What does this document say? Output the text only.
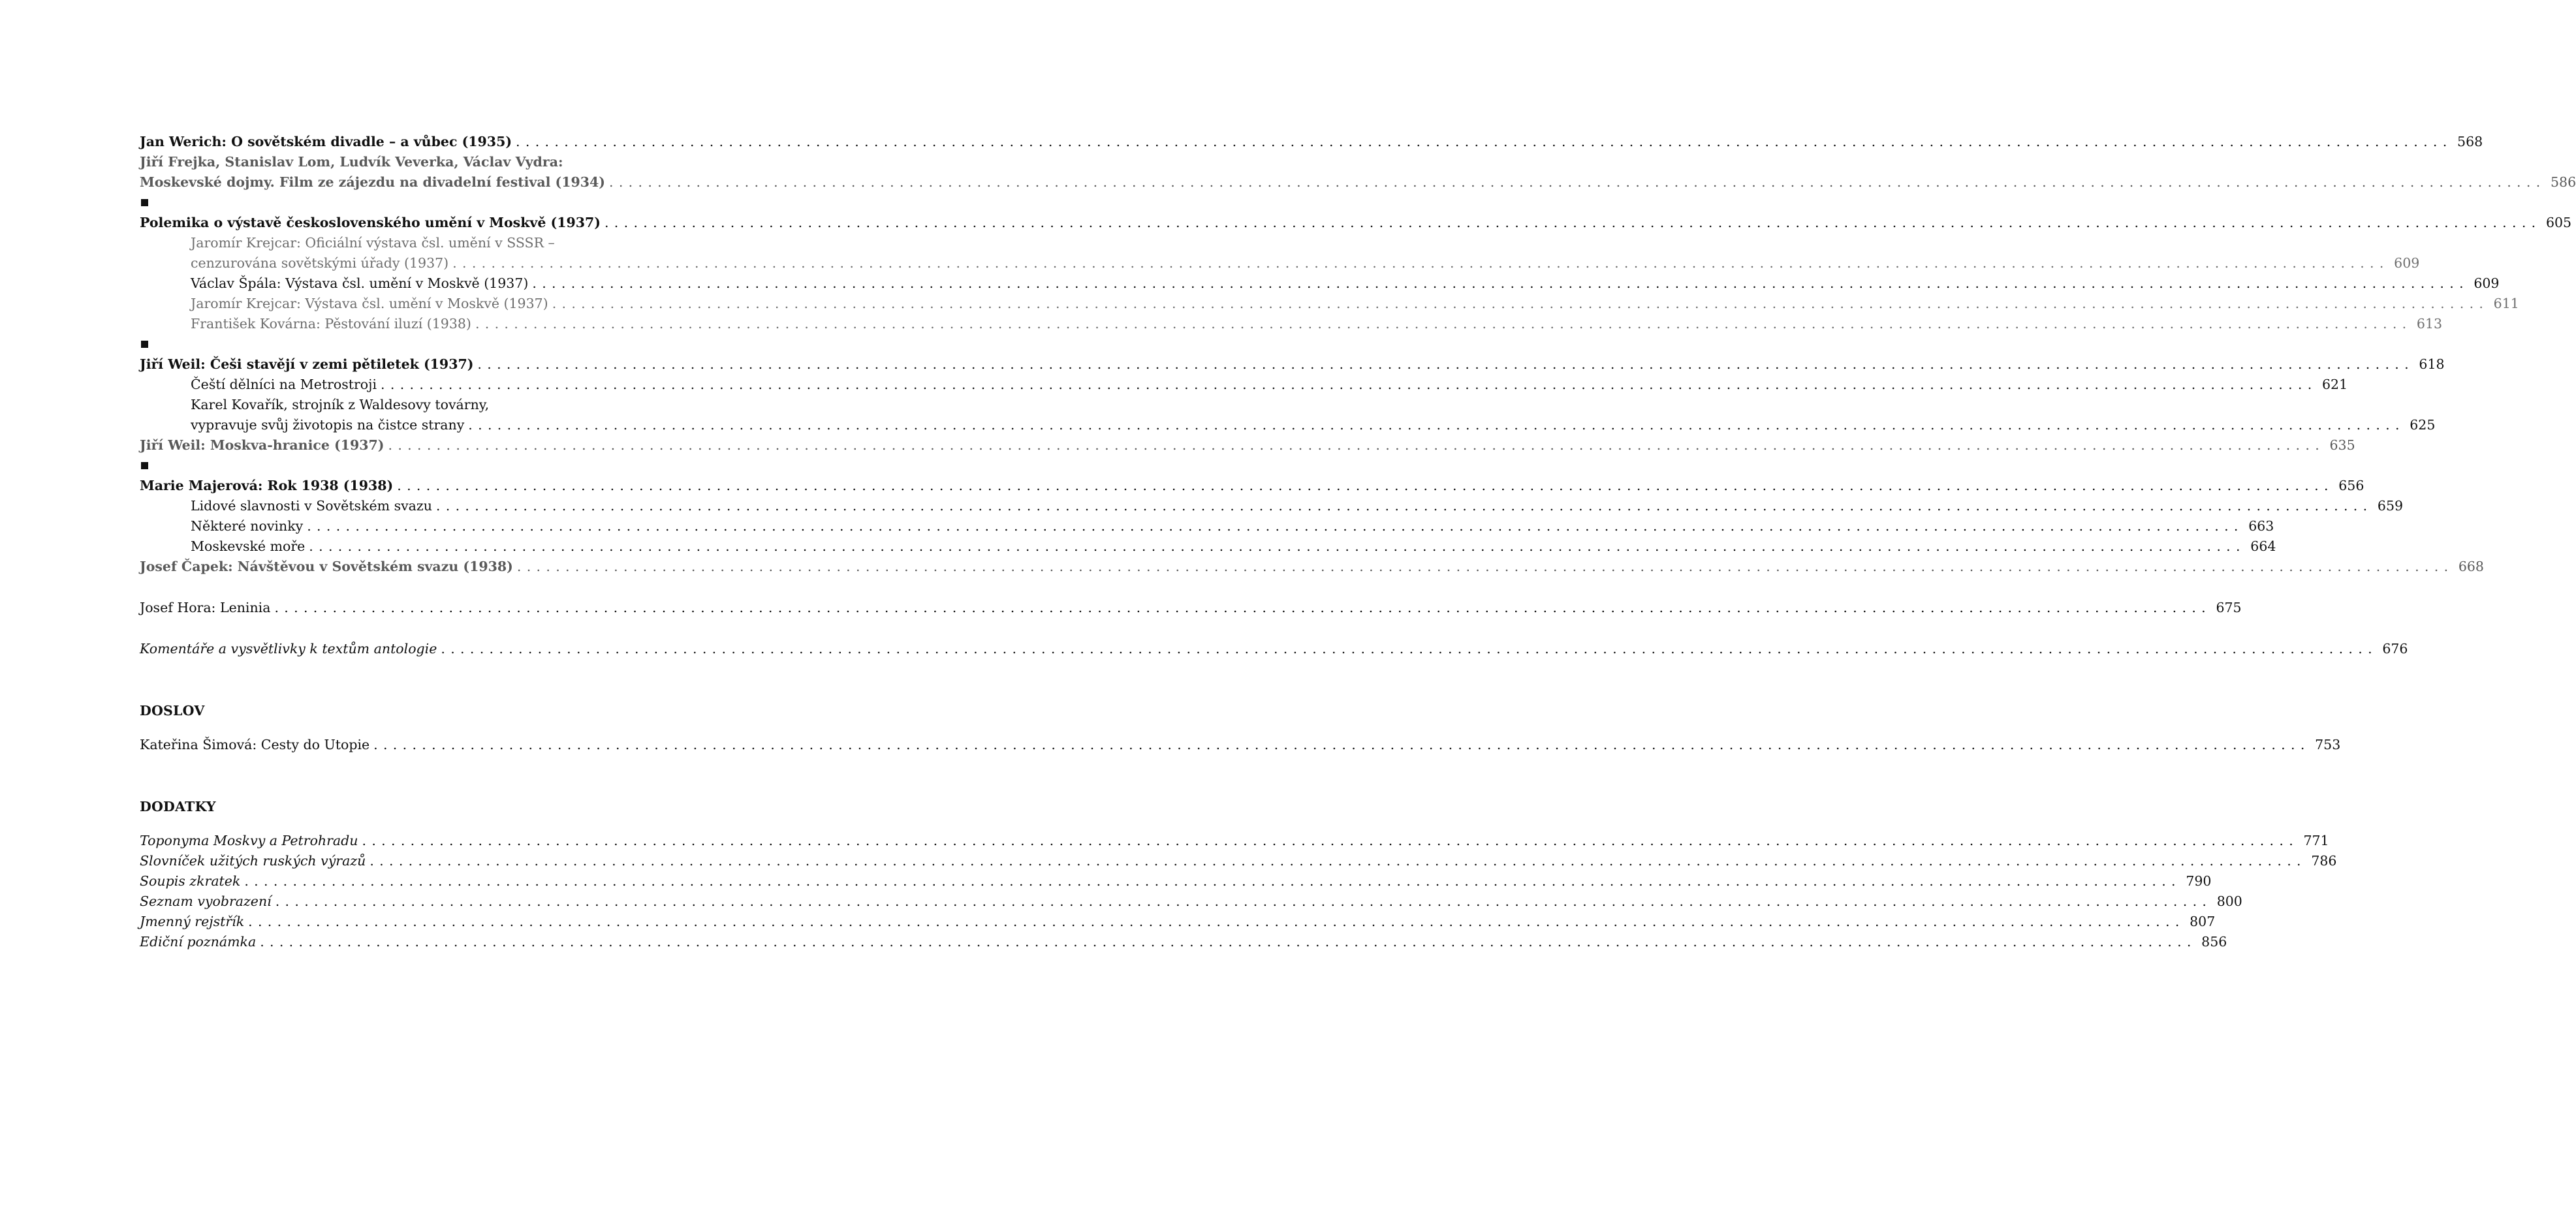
Jan Werich: O sovětském divadle – a vůbec (1935) . . . . . . . . . . . . . . . . . . . . . . . . . . . . . . . . . . . . . . . . . . . . . . . . . . . . . . . . . . . . . . . . . . . . . . . . . . . . . . . . . . . . . . . . . . . . . . . . . . . . . . . . . . . . . . . . . . . . . . . . . . . . . . . . . . . . . . . . . . . . . . . . . . . . . . . . . . . . . . . . . . . . . . . . . . . . . . . . . . . . . . . . . . . . . . . . . . . . . . . . 568
Jiří Frejka, Stanislav Lom, Ludvík Veverka, Václav Vydra:
Moskevské dojmy. Film ze zájezdu na divadelní festival (1934) . . . . . . . . . . . . . . . . . . . . . . . . . . . . . . . . . . . . . . . . . . . . . . . . . . . . . . . . . . . . . . . . . . . . . . . . . . . . . . . . . . . . . . . . . . . . . . . . . . . . . . . . . . . . . . . . . . . . . . . . . . . . . . . . . . . . . . . . . . . . . . . . . . . . . . . . . . . . . . . . . . . . . . . . . . . . . . . . . . . . . . . . . . . . . . . . . . . . . . . . 586
Polemika o výstavě československého umění v Moskvě (1937) . . . . . . . . . . . . . . . . . . . . . . . . . . . . . . . . . . . . . . . . . . . . . . . . . . . . . . . . . . . . . . . . . . . . . . . . . . . . . . . . . . . . . . . . . . . . . . . . . . . . . . . . . . . . . . . . . . . . . . . . . . . . . . . . . . . . . . . . . . . . . . . . . . . . . . . . . . . . . . . . . . . . . . . . . . . . . . . . . . . . . . . . . . . . . . . . . . . . . . . . 605
Jaromír Krejcar: Oficiální výstava čsl. umění v SSSR –
cenzurována sovětskými úřady (1937) . . . . . . . . . . . . . . . . . . . . . . . . . . . . . . . . . . . . . . . . . . . . . . . . . . . . . . . . . . . . . . . . . . . . . . . . . . . . . . . . . . . . . . . . . . . . . . . . . . . . . . . . . . . . . . . . . . . . . . . . . . . . . . . . . . . . . . . . . . . . . . . . . . . . . . . . . . . . . . . . . . . . . . . . . . . . . . . . . . . . . . . . . . . . . . . . . . . . . . . . 609
Václav Špála: Výstava čsl. umění v Moskvě (1937) . . . . . . . . . . . . . . . . . . . . . . . . . . . . . . . . . . . . . . . . . . . . . . . . . . . . . . . . . . . . . . . . . . . . . . . . . . . . . . . . . . . . . . . . . . . . . . . . . . . . . . . . . . . . . . . . . . . . . . . . . . . . . . . . . . . . . . . . . . . . . . . . . . . . . . . . . . . . . . . . . . . . . . . . . . . . . . . . . . . . . . . . . . . . . . . . . . . . . . . . 609
Jaromír Krejcar: Výstava čsl. umění v Moskvě (1937) . . . . . . . . . . . . . . . . . . . . . . . . . . . . . . . . . . . . . . . . . . . . . . . . . . . . . . . . . . . . . . . . . . . . . . . . . . . . . . . . . . . . . . . . . . . . . . . . . . . . . . . . . . . . . . . . . . . . . . . . . . . . . . . . . . . . . . . . . . . . . . . . . . . . . . . . . . . . . . . . . . . . . . . . . . . . . . . . . . . . . . . . . . . . . . . . . . . . . . . . 611
František Kovárna: Pěstování iluzí (1938) . . . . . . . . . . . . . . . . . . . . . . . . . . . . . . . . . . . . . . . . . . . . . . . . . . . . . . . . . . . . . . . . . . . . . . . . . . . . . . . . . . . . . . . . . . . . . . . . . . . . . . . . . . . . . . . . . . . . . . . . . . . . . . . . . . . . . . . . . . . . . . . . . . . . . . . . . . . . . . . . . . . . . . . . . . . . . . . . . . . . . . . . . . . . . . . . . . . . . . . . 613
Jiří Weil: Češi stavějí v zemi pětiletek (1937) . . . . . . . . . . . . . . . . . . . . . . . . . . . . . . . . . . . . . . . . . . . . . . . . . . . . . . . . . . . . . . . . . . . . . . . . . . . . . . . . . . . . . . . . . . . . . . . . . . . . . . . . . . . . . . . . . . . . . . . . . . . . . . . . . . . . . . . . . . . . . . . . . . . . . . . . . . . . . . . . . . . . . . . . . . . . . . . . . . . . . . . . . . . . . . . . . . . . . . . . 618
Čeští dělníci na Metrostroji . . . . . . . . . . . . . . . . . . . . . . . . . . . . . . . . . . . . . . . . . . . . . . . . . . . . . . . . . . . . . . . . . . . . . . . . . . . . . . . . . . . . . . . . . . . . . . . . . . . . . . . . . . . . . . . . . . . . . . . . . . . . . . . . . . . . . . . . . . . . . . . . . . . . . . . . . . . . . . . . . . . . . . . . . . . . . . . . . . . . . . . . . . . . . . . . . . . . . . . . 621
Karel Kovařík, strojník z Waldesovy továrny,
vypravuje svůj životopis na čistce strany . . . . . . . . . . . . . . . . . . . . . . . . . . . . . . . . . . . . . . . . . . . . . . . . . . . . . . . . . . . . . . . . . . . . . . . . . . . . . . . . . . . . . . . . . . . . . . . . . . . . . . . . . . . . . . . . . . . . . . . . . . . . . . . . . . . . . . . . . . . . . . . . . . . . . . . . . . . . . . . . . . . . . . . . . . . . . . . . . . . . . . . . . . . . . . . . . . . . . . . . 625
Jiří Weil: Moskva-hranice (1937) . . . . . . . . . . . . . . . . . . . . . . . . . . . . . . . . . . . . . . . . . . . . . . . . . . . . . . . . . . . . . . . . . . . . . . . . . . . . . . . . . . . . . . . . . . . . . . . . . . . . . . . . . . . . . . . . . . . . . . . . . . . . . . . . . . . . . . . . . . . . . . . . . . . . . . . . . . . . . . . . . . . . . . . . . . . . . . . . . . . . . . . . . . . . . . . . . . . . . . . . 635
Marie Majerová: Rok 1938 (1938) . . . . . . . . . . . . . . . . . . . . . . . . . . . . . . . . . . . . . . . . . . . . . . . . . . . . . . . . . . . . . . . . . . . . . . . . . . . . . . . . . . . . . . . . . . . . . . . . . . . . . . . . . . . . . . . . . . . . . . . . . . . . . . . . . . . . . . . . . . . . . . . . . . . . . . . . . . . . . . . . . . . . . . . . . . . . . . . . . . . . . . . . . . . . . . . . . . . . . . . . 656
Lidové slavnosti v Sovětském svazu . . . . . . . . . . . . . . . . . . . . . . . . . . . . . . . . . . . . . . . . . . . . . . . . . . . . . . . . . . . . . . . . . . . . . . . . . . . . . . . . . . . . . . . . . . . . . . . . . . . . . . . . . . . . . . . . . . . . . . . . . . . . . . . . . . . . . . . . . . . . . . . . . . . . . . . . . . . . . . . . . . . . . . . . . . . . . . . . . . . . . . . . . . . . . . . . . . . . . . . . 659
Některé novinky . . . . . . . . . . . . . . . . . . . . . . . . . . . . . . . . . . . . . . . . . . . . . . . . . . . . . . . . . . . . . . . . . . . . . . . . . . . . . . . . . . . . . . . . . . . . . . . . . . . . . . . . . . . . . . . . . . . . . . . . . . . . . . . . . . . . . . . . . . . . . . . . . . . . . . . . . . . . . . . . . . . . . . . . . . . . . . . . . . . . . . . . . . . . . . . . . . . . . . . . 663
Moskevské moře . . . . . . . . . . . . . . . . . . . . . . . . . . . . . . . . . . . . . . . . . . . . . . . . . . . . . . . . . . . . . . . . . . . . . . . . . . . . . . . . . . . . . . . . . . . . . . . . . . . . . . . . . . . . . . . . . . . . . . . . . . . . . . . . . . . . . . . . . . . . . . . . . . . . . . . . . . . . . . . . . . . . . . . . . . . . . . . . . . . . . . . . . . . . . . . . . . . . . . . . 664
Josef Čapek: Návštěvou v Sovětském svazu (1938) . . . . . . . . . . . . . . . . . . . . . . . . . . . . . . . . . . . . . . . . . . . . . . . . . . . . . . . . . . . . . . . . . . . . . . . . . . . . . . . . . . . . . . . . . . . . . . . . . . . . . . . . . . . . . . . . . . . . . . . . . . . . . . . . . . . . . . . . . . . . . . . . . . . . . . . . . . . . . . . . . . . . . . . . . . . . . . . . . . . . . . . . . . . . . . . . . . . . . . . . 668
Josef Hora: Leninia . . . . . . . . . . . . . . . . . . . . . . . . . . . . . . . . . . . . . . . . . . . . . . . . . . . . . . . . . . . . . . . . . . . . . . . . . . . . . . . . . . . . . . . . . . . . . . . . . . . . . . . . . . . . . . . . . . . . . . . . . . . . . . . . . . . . . . . . . . . . . . . . . . . . . . . . . . . . . . . . . . . . . . . . . . . . . . . . . . . . . . . . . . . . . . . . . . . . . . . . 675
Komentáře a vysvětlivky k textům antologie . . . . . . . . . . . . . . . . . . . . . . . . . . . . . . . . . . . . . . . . . . . . . . . . . . . . . . . . . . . . . . . . . . . . . . . . . . . . . . . . . . . . . . . . . . . . . . . . . . . . . . . . . . . . . . . . . . . . . . . . . . . . . . . . . . . . . . . . . . . . . . . . . . . . . . . . . . . . . . . . . . . . . . . . . . . . . . . . . . . . . . . . . . . . . . . . . . . . . . . . 676
DOSLOV
Kateřina Šimová: Cesty do Utopie . . . . . . . . . . . . . . . . . . . . . . . . . . . . . . . . . . . . . . . . . . . . . . . . . . . . . . . . . . . . . . . . . . . . . . . . . . . . . . . . . . . . . . . . . . . . . . . . . . . . . . . . . . . . . . . . . . . . . . . . . . . . . . . . . . . . . . . . . . . . . . . . . . . . . . . . . . . . . . . . . . . . . . . . . . . . . . . . . . . . . . . . . . . . . . . . . . . . . . . . 753
DODATKY
Toponyma Moskvy a Petrohradu . . . . . . . . . . . . . . . . . . . . . . . . . . . . . . . . . . . . . . . . . . . . . . . . . . . . . . . . . . . . . . . . . . . . . . . . . . . . . . . . . . . . . . . . . . . . . . . . . . . . . . . . . . . . . . . . . . . . . . . . . . . . . . . . . . . . . . . . . . . . . . . . . . . . . . . . . . . . . . . . . . . . . . . . . . . . . . . . . . . . . . . . . . . . . . . . . . . . . . . . 771
Slovníček užitých ruských výrazů . . . . . . . . . . . . . . . . . . . . . . . . . . . . . . . . . . . . . . . . . . . . . . . . . . . . . . . . . . . . . . . . . . . . . . . . . . . . . . . . . . . . . . . . . . . . . . . . . . . . . . . . . . . . . . . . . . . . . . . . . . . . . . . . . . . . . . . . . . . . . . . . . . . . . . . . . . . . . . . . . . . . . . . . . . . . . . . . . . . . . . . . . . . . . . . . . . . . . . . . 786
Soupis zkratek . . . . . . . . . . . . . . . . . . . . . . . . . . . . . . . . . . . . . . . . . . . . . . . . . . . . . . . . . . . . . . . . . . . . . . . . . . . . . . . . . . . . . . . . . . . . . . . . . . . . . . . . . . . . . . . . . . . . . . . . . . . . . . . . . . . . . . . . . . . . . . . . . . . . . . . . . . . . . . . . . . . . . . . . . . . . . . . . . . . . . . . . . . . . . . . . . . . . . . . . 790
Seznam vyobrazení . . . . . . . . . . . . . . . . . . . . . . . . . . . . . . . . . . . . . . . . . . . . . . . . . . . . . . . . . . . . . . . . . . . . . . . . . . . . . . . . . . . . . . . . . . . . . . . . . . . . . . . . . . . . . . . . . . . . . . . . . . . . . . . . . . . . . . . . . . . . . . . . . . . . . . . . . . . . . . . . . . . . . . . . . . . . . . . . . . . . . . . . . . . . . . . . . . . . . . . . 800
Jmenný rejstřík . . . . . . . . . . . . . . . . . . . . . . . . . . . . . . . . . . . . . . . . . . . . . . . . . . . . . . . . . . . . . . . . . . . . . . . . . . . . . . . . . . . . . . . . . . . . . . . . . . . . . . . . . . . . . . . . . . . . . . . . . . . . . . . . . . . . . . . . . . . . . . . . . . . . . . . . . . . . . . . . . . . . . . . . . . . . . . . . . . . . . . . . . . . . . . . . . . . . . . . . 807
Ediční poznámka . . . . . . . . . . . . . . . . . . . . . . . . . . . . . . . . . . . . . . . . . . . . . . . . . . . . . . . . . . . . . . . . . . . . . . . . . . . . . . . . . . . . . . . . . . . . . . . . . . . . . . . . . . . . . . . . . . . . . . . . . . . . . . . . . . . . . . . . . . . . . . . . . . . . . . . . . . . . . . . . . . . . . . . . . . . . . . . . . . . . . . . . . . . . . . . . . . . . . . . . 856
